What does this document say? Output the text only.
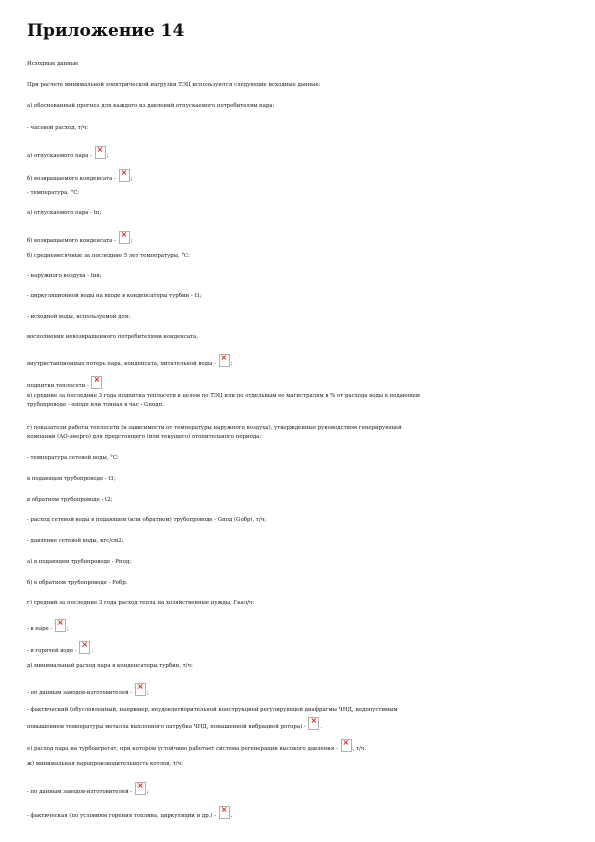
Приложение 14
Исходные данные
При расчете минимальной электрической нагрузки ТЭЦ используются следующие исходные данные:
а) обоснованный прогноз для каждого из давлений отпускаемого потребителям пара:
- часовой расход, т/ч:
а) отпускаемого пара - ×;
б) возвращаемого конденсата - ×;
- температура, °С:
а) отпускаемого пара - tп;
б) возвращаемого конденсата - ×;
б) среднемесячные за последние 5 лет температуры, °С:
- наружного воздуха - tнв;
- циркуляционной воды на входе в конденсаторы турбин - t1;
- исходной воды, используемой для:
восполнения невозвращенного потребителями конденсата,
внутристанционных потерь пара, конденсата, питательной воды - ×;
подпитки теплосети - ×
в) средние за последние 3 года подпитка теплосети в целом по ТЭЦ или по отдельным ее магистралям в % от расхода воды в подающем
трубопроводе - αподп или тоннах в час - Gподп.
г) показатели работы теплосети (в зависимости от температуры наружного воздуха), утвержденные руководством генерирующей
компании (АО-энерго) для предстоящего (или текущего) отопительного периода:
- температура сетевой воды, °С:
в подающем трубопроводе - t1;
в обратном трубопроводе - t2;
- расход сетевой воды в подающем (или обратном) трубопроводе - Gпод (Gобр), т/ч;
- давление сетевой воды, кгс/см2:
а) в подающем трубопроводе - Рпод;
б) в обратном трубопроводе - Робр.
г) средний за последние 3 года расход тепла на хозяйственные нужды, Гкал/ч:
- в паре - ×;
- в горячей воде - ×.
д) минимальный расход пара в конденсаторы турбин, т/ч:
- по данным заводов-изготовителей - ×;
- фактический (обусловленный, например, неудовлетворительной конструкцией регулирующей диафрагмы ЧНД, недопустимым
повышением температуры металла выхлопного патрубка ЧНД, повышенной вибрацией ротора) - ×.
е) расход пара на турбоагрегат, при котором устойчиво работает система регенерации высокого давления - ×, т/ч.
ж) минимальная паропроизводительность котлов, т/ч:
- по данным заводов-изготовителей - ×;
- фактическая (по условиям горения топлива, циркуляции и др.) - ×.
